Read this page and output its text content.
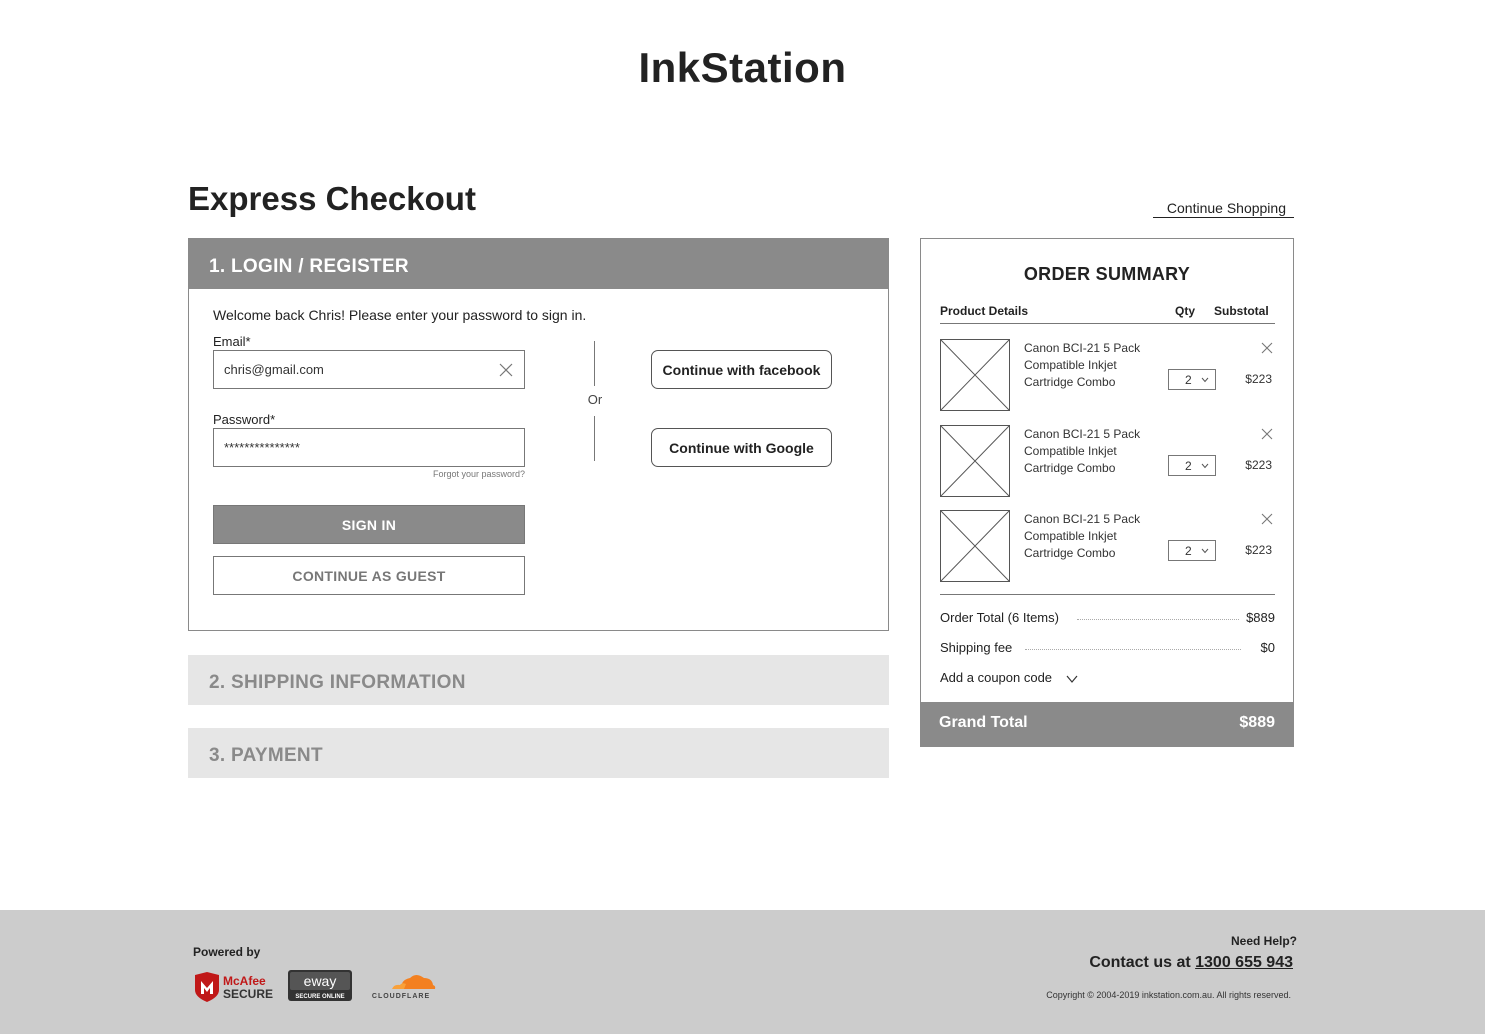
InkStation
Express Checkout	Continue Shopping
1. LOGIN / REGISTER
Welcome back Chris! Please enter your password to sign in.
Email*
chris@gmail.com
Password*
***************
Forgot your password?
SIGN IN
CONTINUE AS GUEST
Or
Continue with facebook
Continue with Google
2. SHIPPING INFORMATION
3. PAYMENT
ORDER SUMMARY
Product Details	Qty Substotal
Canon BCI-21 5 Pack Compatible Inkjet Cartridge Combo	2	$223
Canon BCI-21 5 Pack Compatible Inkjet Cartridge Combo	2	$223
Canon BCI-21 5 Pack Compatible Inkjet Cartridge Combo	2	$223
Order Total (6 Items)	$889
Shipping fee	$0
Add a coupon code
Grand Total	$889
Powered by
McAfee
SECURE
eway
SECURE ONLINE	CLOUDFLARE
Need Help?
Contact us at 1300 655 943
Copyright © 2004-2019 inkstation.com.au. All rights reserved.
